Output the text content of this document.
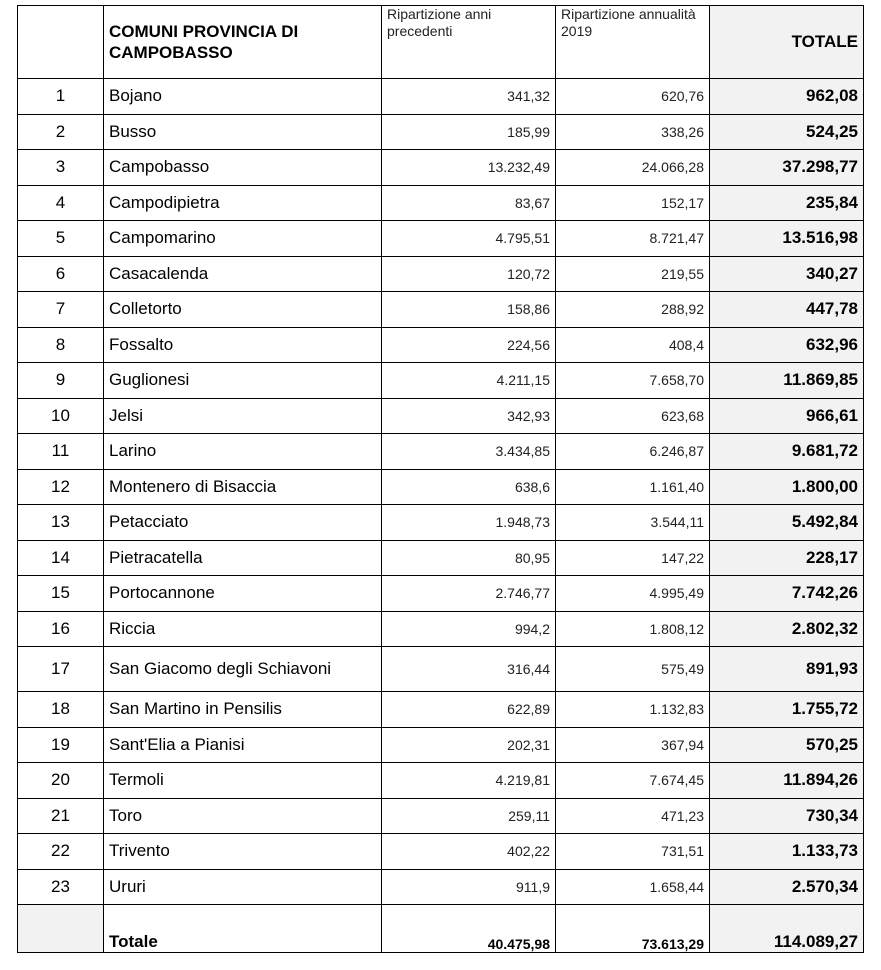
	COMUNI PROVINCIA DI CAMPOBASSO	Ripartizione anni precedenti	Ripartizione annualità 2019	TOTALE
1	Bojano	341,32	620,76	962,08
2	Busso	185,99	338,26	524,25
3	Campobasso	13.232,49	24.066,28	37.298,77
4	Campodipietra	83,67	152,17	235,84
5	Campomarino	4.795,51	8.721,47	13.516,98
6	Casacalenda	120,72	219,55	340,27
7	Colletorto	158,86	288,92	447,78
8	Fossalto	224,56	408,4	632,96
9	Guglionesi	4.211,15	7.658,70	11.869,85
10	Jelsi	342,93	623,68	966,61
11	Larino	3.434,85	6.246,87	9.681,72
12	Montenero di Bisaccia	638,6	1.161,40	1.800,00
13	Petacciato	1.948,73	3.544,11	5.492,84
14	Pietracatella	80,95	147,22	228,17
15	Portocannone	2.746,77	4.995,49	7.742,26
16	Riccia	994,2	1.808,12	2.802,32
17	San Giacomo degli Schiavoni	316,44	575,49	891,93
18	San Martino in Pensilis	622,89	1.132,83	1.755,72
19	Sant'Elia a Pianisi	202,31	367,94	570,25
20	Termoli	4.219,81	7.674,45	11.894,26
21	Toro	259,11	471,23	730,34
22	Trivento	402,22	731,51	1.133,73
23	Ururi	911,9	1.658,44	2.570,34
	Totale	40.475,98	73.613,29	114.089,27
